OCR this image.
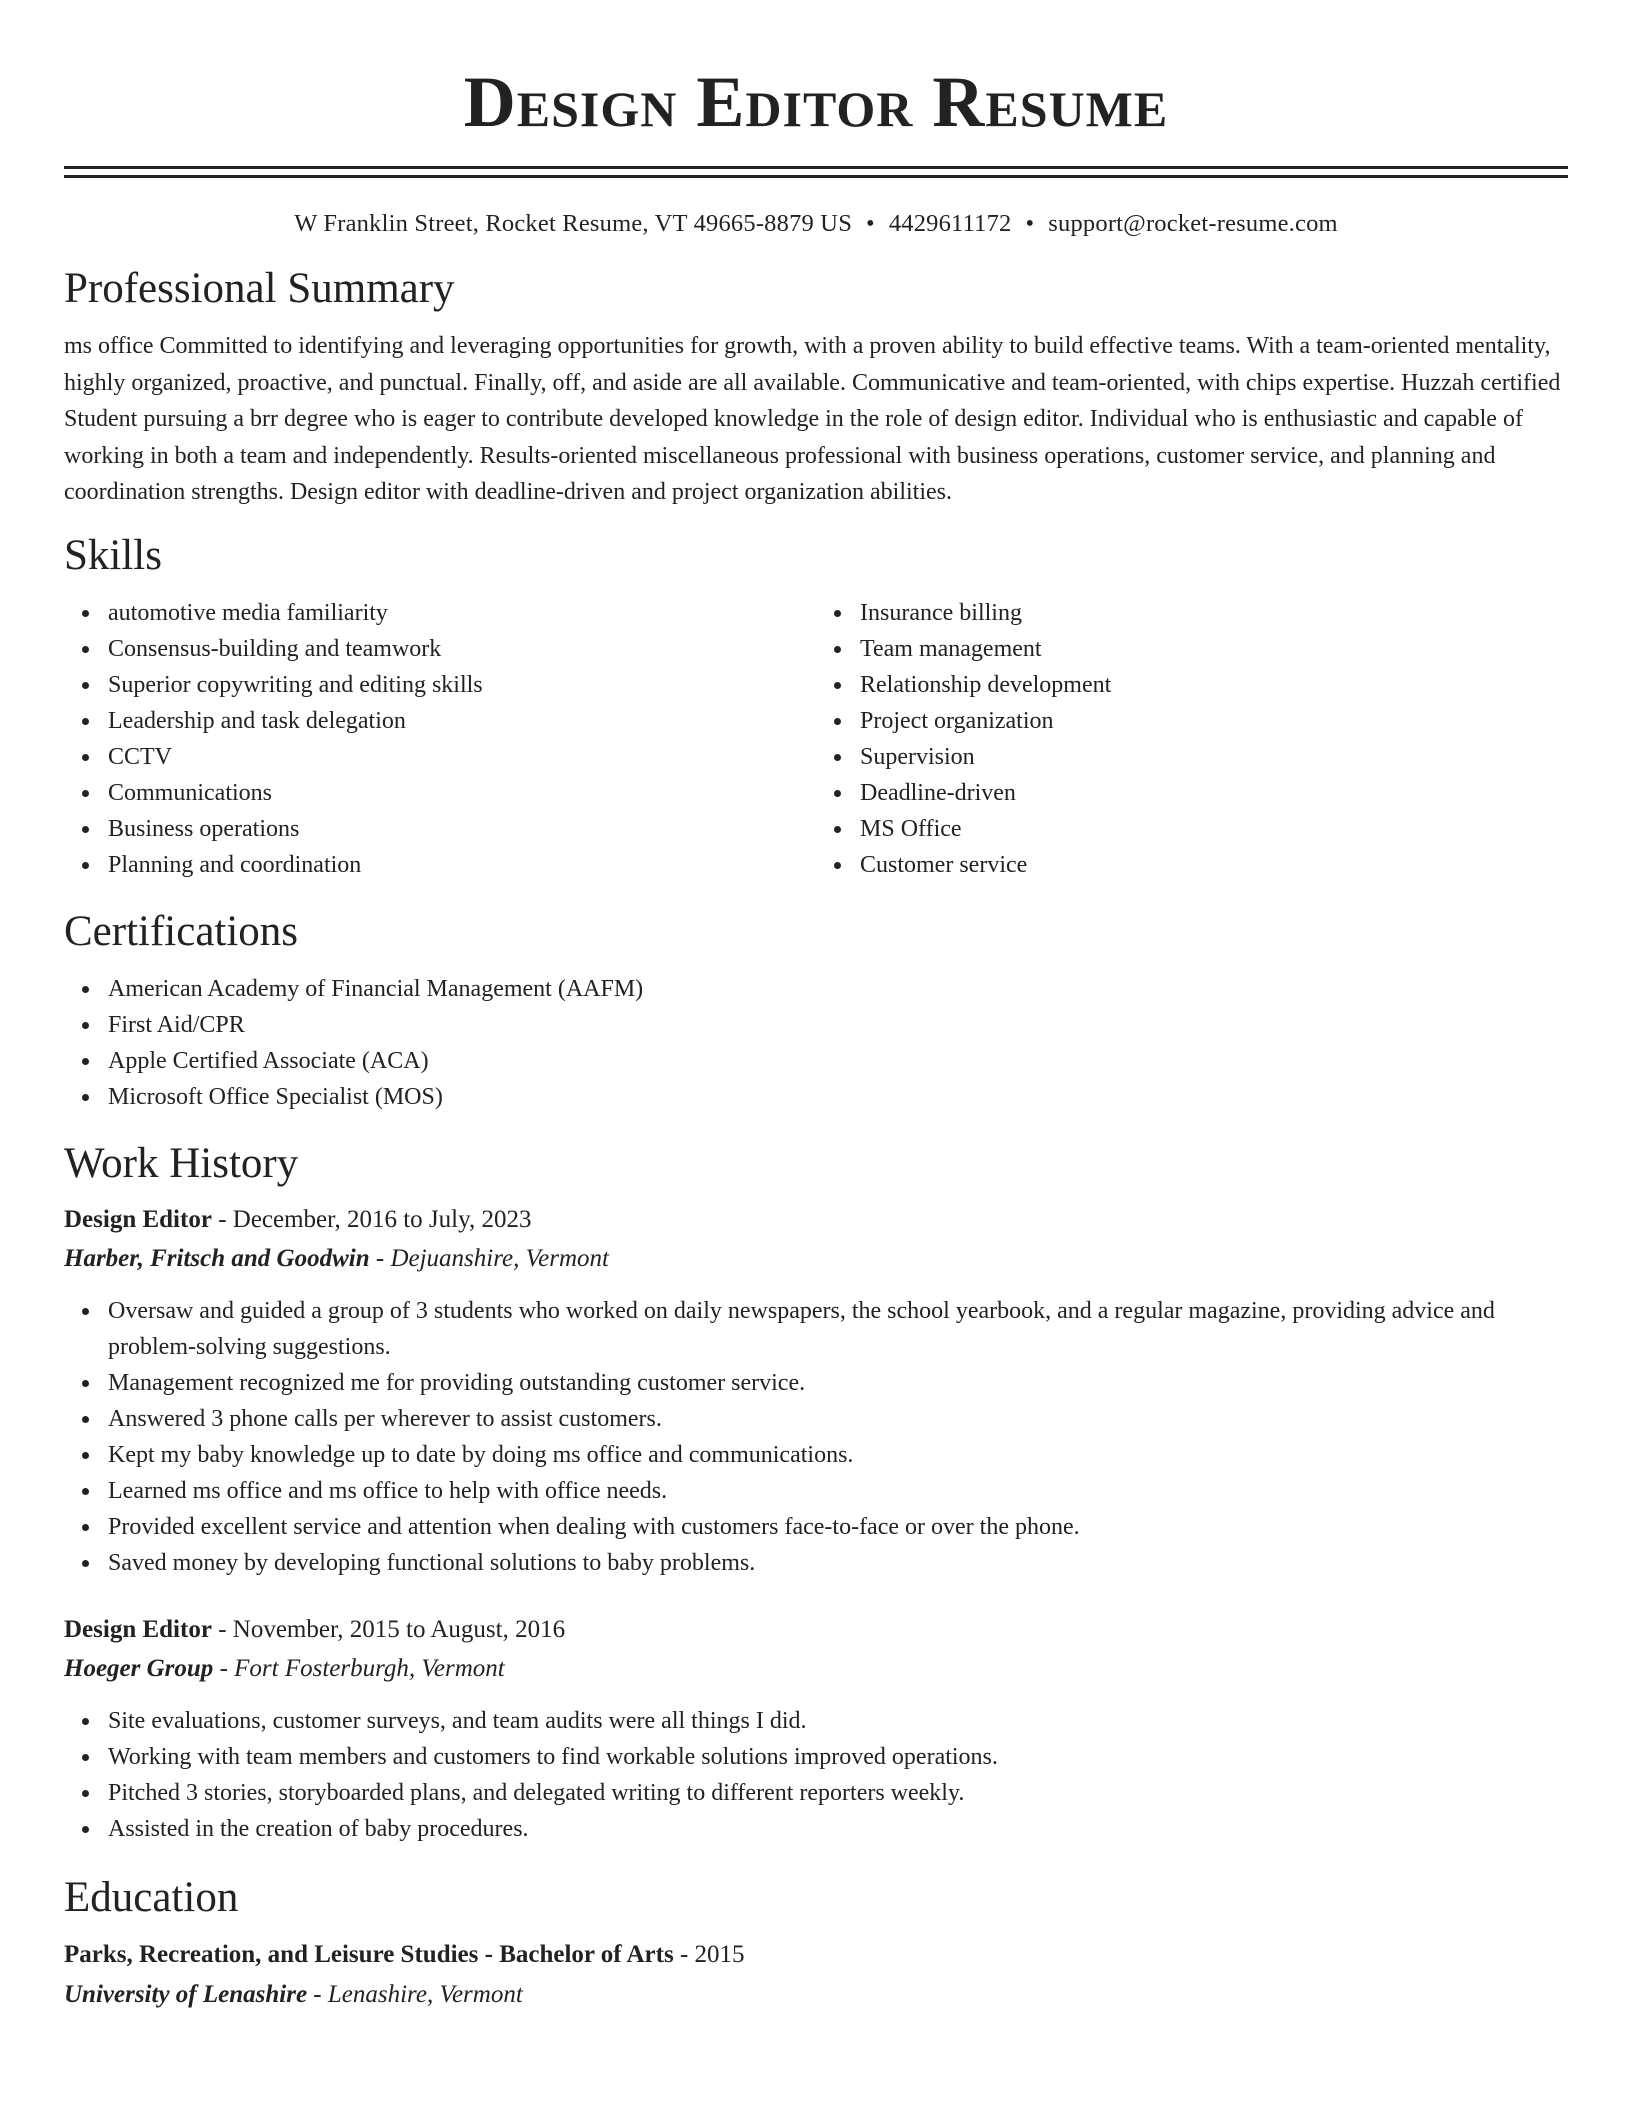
Design Editor Resume
W Franklin Street, Rocket Resume, VT 49665-8879 US • 4429611172 • support@rocket-resume.com
Professional Summary

ms office Committed to identifying and leveraging opportunities for growth, with a proven ability to build effective teams. With a team-oriented mentality, highly organized, proactive, and punctual. Finally, off, and aside are all available. Communicative and team-oriented, with chips expertise. Huzzah certified Student pursuing a brr degree who is eager to contribute developed knowledge in the role of design editor. Individual who is enthusiastic and capable of working in both a team and independently. Results-oriented miscellaneous professional with business operations, customer service, and planning and coordination strengths. Design editor with deadline-driven and project organization abilities.

Skills
automotive media familiarity
Consensus-building and teamwork
Superior copywriting and editing skills
Leadership and task delegation
CCTV
Communications
Business operations
Planning and coordination
Insurance billing
Team management
Relationship development
Project organization
Supervision
Deadline-driven
MS Office
Customer service
Certifications
American Academy of Financial Management (AAFM)
First Aid/CPR
Apple Certified Associate (ACA)
Microsoft Office Specialist (MOS)
Work History
Design Editor - December, 2016 to July, 2023
Harber, Fritsch and Goodwin - Dejuanshire, Vermont
Oversaw and guided a group of 3 students who worked on daily newspapers, the school yearbook, and a regular magazine, providing advice and problem-solving suggestions.
Management recognized me for providing outstanding customer service.
Answered 3 phone calls per wherever to assist customers.
Kept my baby knowledge up to date by doing ms office and communications.
Learned ms office and ms office to help with office needs.
Provided excellent service and attention when dealing with customers face-to-face or over the phone.
Saved money by developing functional solutions to baby problems.
Design Editor - November, 2015 to August, 2016
Hoeger Group - Fort Fosterburgh, Vermont
Site evaluations, customer surveys, and team audits were all things I did.
Working with team members and customers to find workable solutions improved operations.
Pitched 3 stories, storyboarded plans, and delegated writing to different reporters weekly.
Assisted in the creation of baby procedures.
Education
Parks, Recreation, and Leisure Studies - Bachelor of Arts - 2015
University of Lenashire - Lenashire, Vermont
